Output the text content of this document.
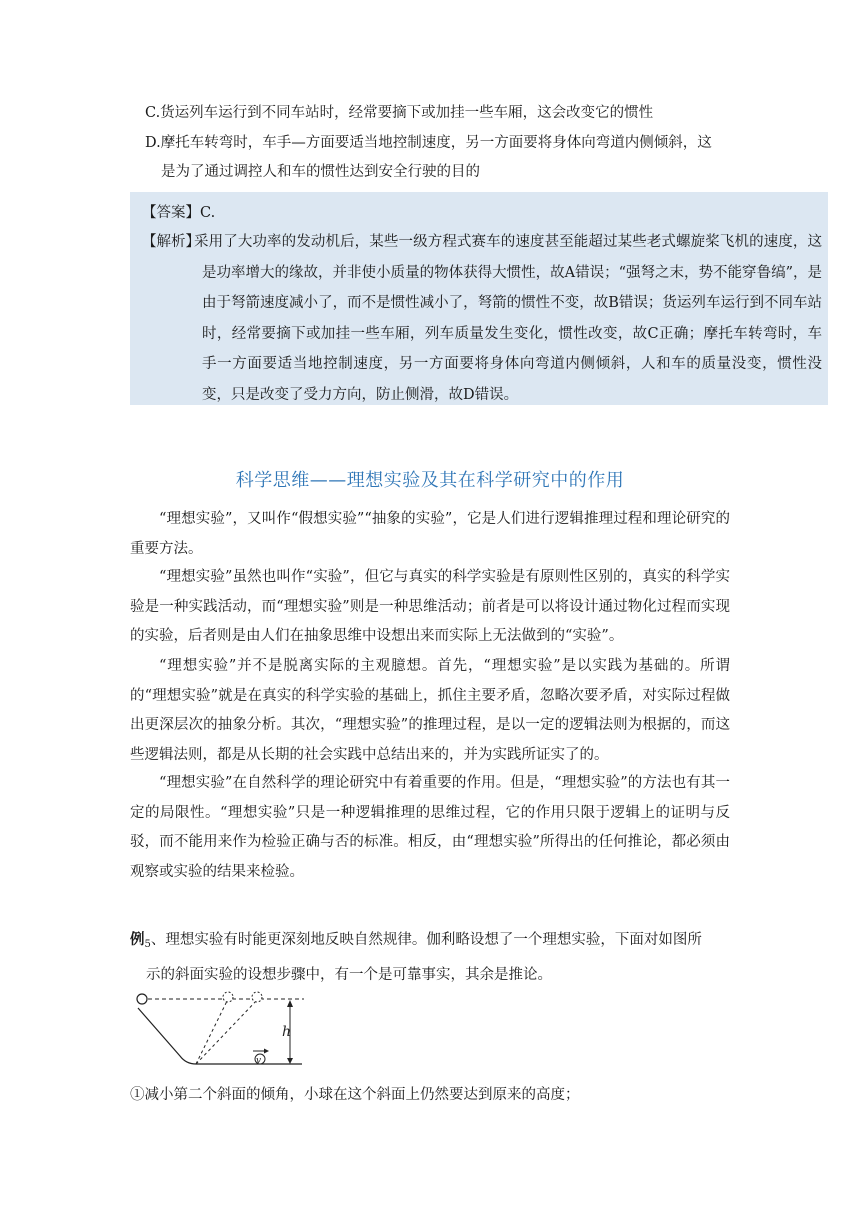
C.货运列车运行到不同车站时，经常要摘下或加挂一些车厢，这会改变它的惯性
D.摩托车转弯时，车手—方面要适当地控制速度，另一方面要将身体向弯道内侧倾斜，这
是为了通过调控人和车的惯性达到安全行驶的目的
【答案】C.
【解析】
采用了大功率的发动机后，某些一级方程式赛车的速度甚至能超过某些老式螺旋桨飞机的速度，这是功率增大的缘故，并非使小质量的物体获得大惯性，故A错误；“强弩之末，势不能穿鲁缟”，是由于弩箭速度减小了，而不是惯性减小了，弩箭的惯性不变，故B错误；货运列车运行到不同车站时，经常要摘下或加挂一些车厢，列车质量发生变化，惯性改变，故C正确；摩托车转弯时，车手一方面要适当地控制速度，另一方面要将身体向弯道内侧倾斜，人和车的质量没变，惯性没变，只是改变了受力方向，防止侧滑，故D错误。
科学思维——理想实验及其在科学研究中的作用
“理想实验”，又叫作“假想实验”“抽象的实验”，它是人们进行逻辑推理过程和理论研究的重要方法。
“理想实验”虽然也叫作“实验”，但它与真实的科学实验是有原则性区别的，真实的科学实验是一种实践活动，而“理想实验”则是一种思维活动；前者是可以将设计通过物化过程而实现的实验，后者则是由人们在抽象思维中设想出来而实际上无法做到的“实验”。
“理想实验”并不是脱离实际的主观臆想。首先，“理想实验”是以实践为基础的。所谓的“理想实验”就是在真实的科学实验的基础上，抓住主要矛盾，忽略次要矛盾，对实际过程做出更深层次的抽象分析。其次，“理想实验”的推理过程，是以一定的逻辑法则为根据的，而这些逻辑法则，都是从长期的社会实践中总结出来的，并为实践所证实了的。
“理想实验”在自然科学的理论研究中有着重要的作用。但是，“理想实验”的方法也有其一定的局限性。“理想实验”只是一种逻辑推理的思维过程，它的作用只限于逻辑上的证明与反驳，而不能用来作为检验正确与否的标准。相反，由“理想实验”所得出的任何推论，都必须由观察或实验的结果来检验。
例$_5$、理想实验有时能更深刻地反映自然规律。伽利略设想了一个理想实验，下面对如图所
示的斜面实验的设想步骤中，有一个是可靠事实，其余是推论。
h
v
①减小第二个斜面的倾角，小球在这个斜面上仍然要达到原来的高度；
